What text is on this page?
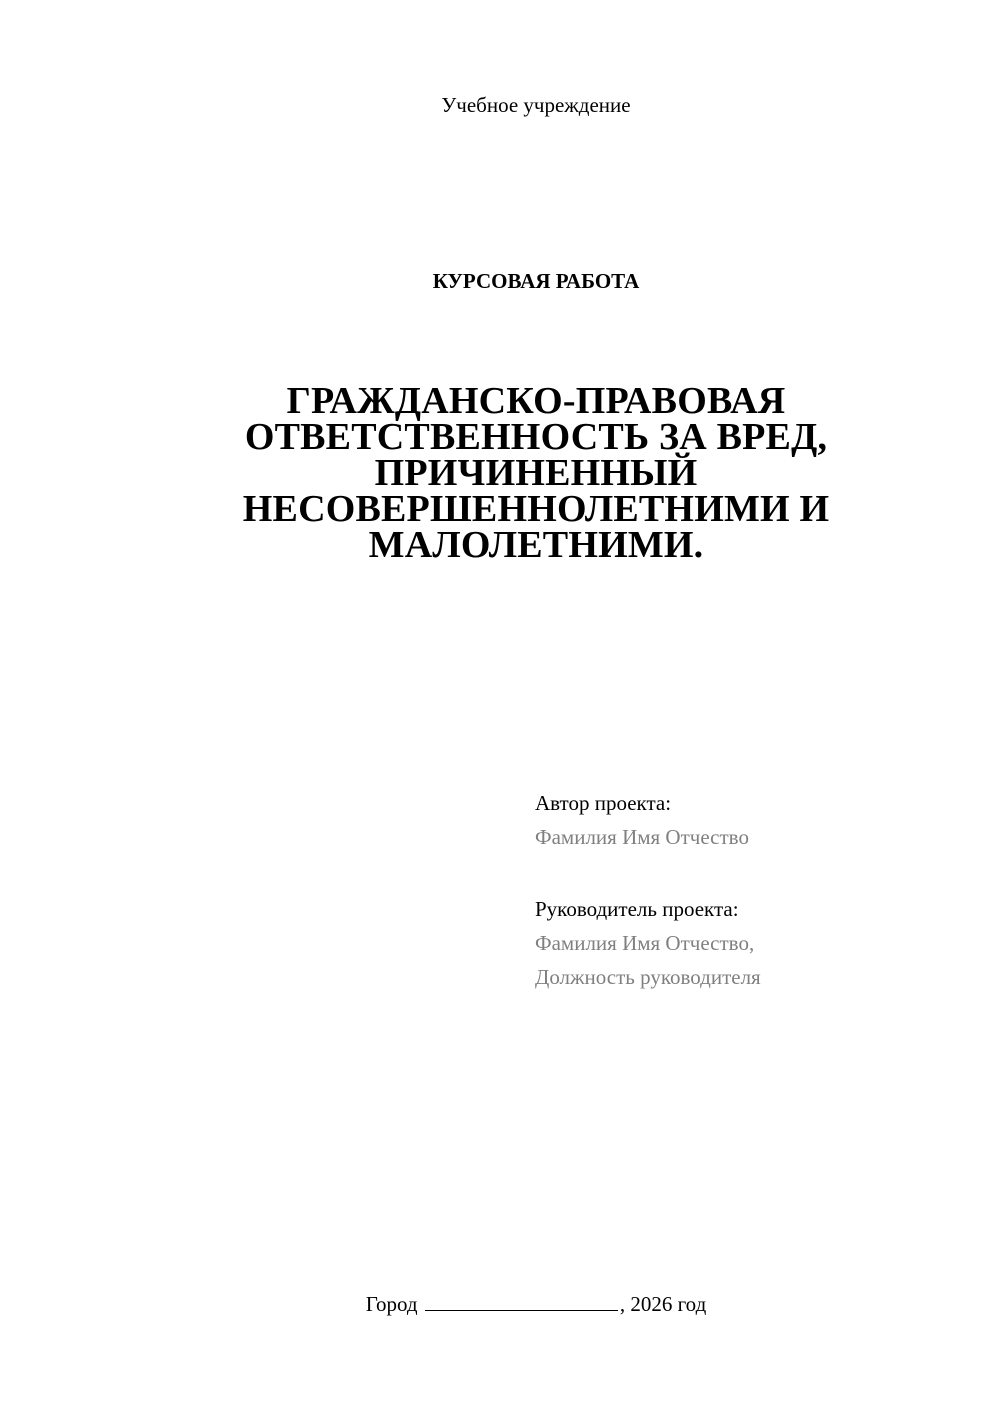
Учебное учреждение
КУРСОВАЯ РАБОТА
ГРАЖДАНСКО-ПРАВОВАЯ
ОТВЕТСТВЕННОСТЬ ЗА ВРЕД,
ПРИЧИНЕННЫЙ
НЕСОВЕРШЕННОЛЕТНИМИ И
МАЛОЛЕТНИМИ.
Автор проекта:
Фамилия Имя Отчество
Руководитель проекта:
Фамилия Имя Отчество,
Должность руководителя
Город	, 2026 год
